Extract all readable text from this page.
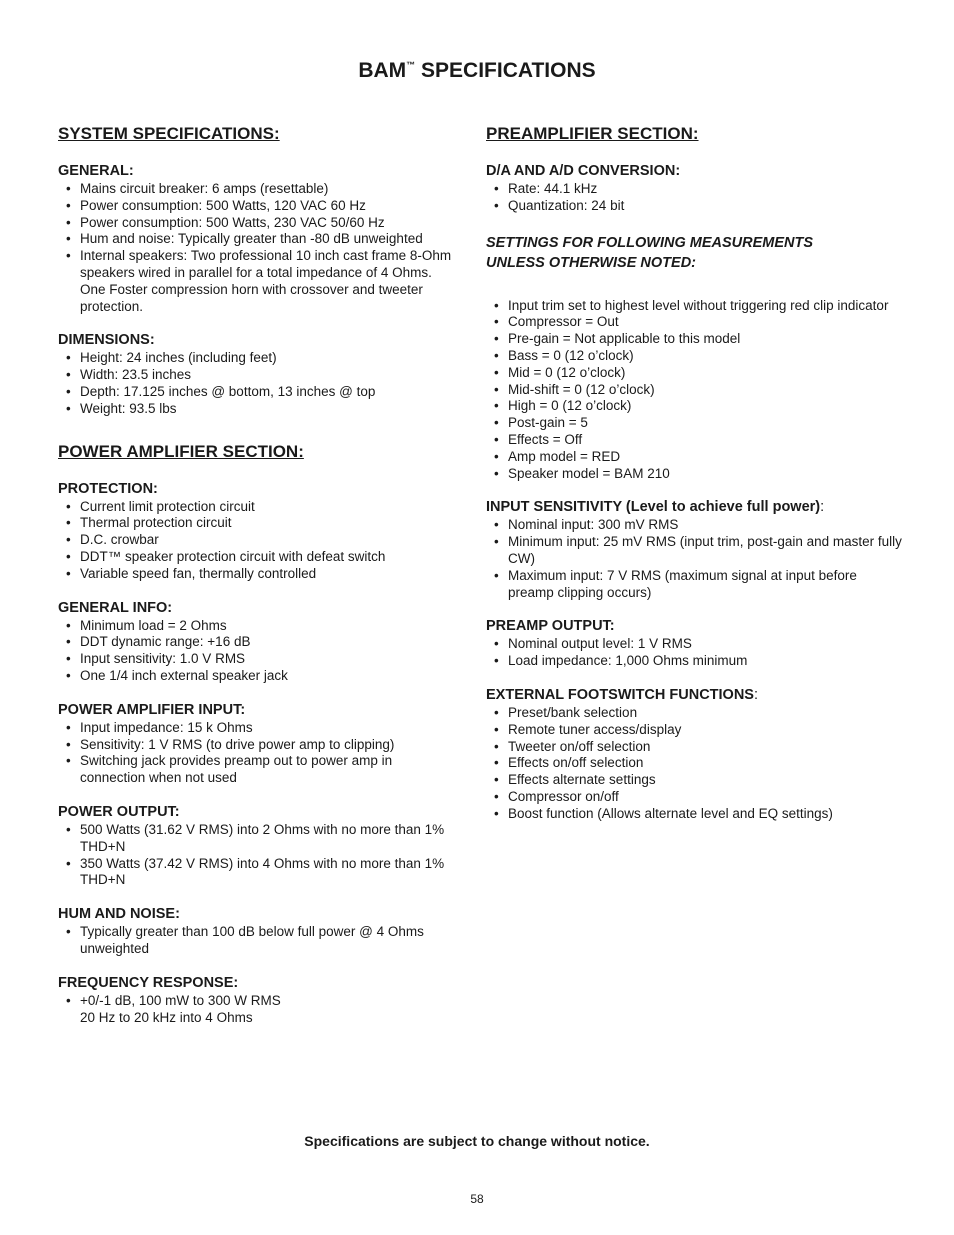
BAM™ SPECIFICATIONS
SYSTEM SPECIFICATIONS:
GENERAL:
• Mains circuit breaker: 6 amps (resettable)
• Power consumption: 500 Watts, 120 VAC 60 Hz
• Power consumption: 500 Watts, 230 VAC 50/60 Hz
• Hum and noise: Typically greater than -80 dB unweighted
• Internal speakers: Two professional 10 inch cast frame 8-Ohm speakers wired in parallel for a total impedance of 4 Ohms. One Foster compression horn with crossover and tweeter protection.
DIMENSIONS:
• Height: 24 inches (including feet)
• Width: 23.5 inches
• Depth: 17.125 inches @ bottom, 13 inches @ top
• Weight: 93.5 lbs
POWER AMPLIFIER SECTION:
PROTECTION:
• Current limit protection circuit
• Thermal protection circuit
• D.C. crowbar
• DDT™ speaker protection circuit with defeat switch
• Variable speed fan, thermally controlled
GENERAL INFO:
• Minimum load = 2 Ohms
• DDT dynamic range: +16 dB
• Input sensitivity: 1.0 V RMS
• One 1/4 inch external speaker jack
POWER AMPLIFIER INPUT:
• Input impedance: 15 k Ohms
• Sensitivity: 1 V RMS (to drive power amp to clipping)
• Switching jack provides preamp out to power amp in connection when not used
POWER OUTPUT:
• 500 Watts (31.62 V RMS) into 2 Ohms with no more than 1% THD+N
• 350 Watts (37.42 V RMS) into 4 Ohms with no more than 1% THD+N
HUM AND NOISE:
• Typically greater than 100 dB below full power @ 4 Ohms unweighted
FREQUENCY RESPONSE:
• +0/-1 dB, 100 mW to 300 W RMS
20 Hz to 20 kHz into 4 Ohms
PREAMPLIFIER SECTION:
D/A AND A/D CONVERSION:
• Rate: 44.1 kHz
• Quantization: 24 bit

SETTINGS FOR FOLLOWING MEASUREMENTS
UNLESS OTHERWISE NOTED:

• Input trim set to highest level without triggering red clip indicator
• Compressor = Out
• Pre-gain = Not applicable to this model
• Bass = 0 (12 o’clock)
• Mid = 0 (12 o’clock)
• Mid-shift = 0 (12 o’clock)
• High = 0 (12 o’clock)
• Post-gain = 5
• Effects = Off
• Amp model = RED
• Speaker model = BAM 210
INPUT SENSITIVITY (Level to achieve full power):
• Nominal input: 300 mV RMS
• Minimum input: 25 mV RMS (input trim, post-gain and master fully CW)
• Maximum input: 7 V RMS (maximum signal at input before preamp clipping occurs)
PREAMP OUTPUT:
• Nominal output level: 1 V RMS
• Load impedance: 1,000 Ohms minimum
EXTERNAL FOOTSWITCH FUNCTIONS:
• Preset/bank selection
• Remote tuner access/display
• Tweeter on/off selection
• Effects on/off selection
• Effects alternate settings
• Compressor on/off
• Boost function (Allows alternate level and EQ settings)
Specifications are subject to change without notice.
58
